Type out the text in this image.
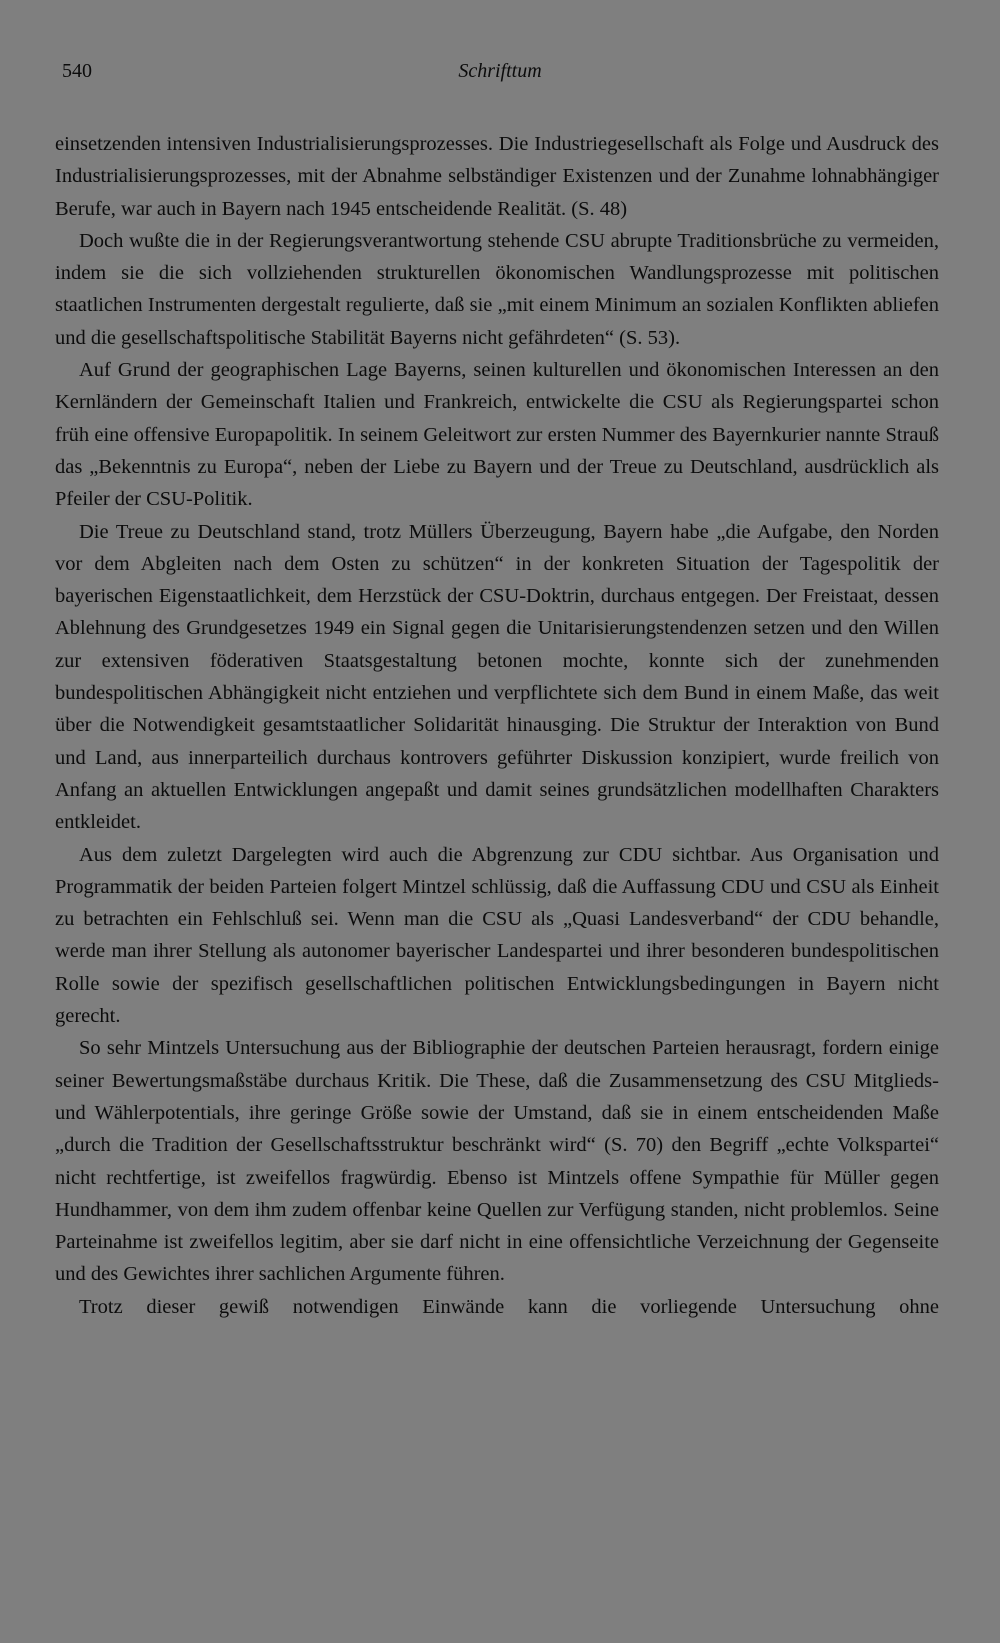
540	Schrifttum

einsetzenden intensiven Industrialisierungsprozesses. Die Industriegesellschaft als Folge und Ausdruck des Industrialisierungsprozesses, mit der Abnahme selbständiger Existenzen und der Zunahme lohnabhängiger Berufe, war auch in Bayern nach 1945 entscheidende Realität. (S. 48)

Doch wußte die in der Regierungsverantwortung stehende CSU abrupte Traditionsbrüche zu vermeiden, indem sie die sich vollziehenden strukturellen ökonomischen Wandlungsprozesse mit politischen staatlichen Instrumenten dergestalt regulierte, daß sie „mit einem Minimum an sozialen Konflikten abliefen und die gesellschaftspolitische Stabilität Bayerns nicht gefährdeten“ (S. 53).

Auf Grund der geographischen Lage Bayerns, seinen kulturellen und ökonomischen Interessen an den Kernländern der Gemeinschaft Italien und Frankreich, entwickelte die CSU als Regierungspartei schon früh eine offensive Europapolitik. In seinem Geleitwort zur ersten Nummer des Bayernkurier nannte Strauß das „Bekenntnis zu Europa“, neben der Liebe zu Bayern und der Treue zu Deutschland, ausdrücklich als Pfeiler der CSU-Politik.

Die Treue zu Deutschland stand, trotz Müllers Überzeugung, Bayern habe „die Aufgabe, den Norden vor dem Abgleiten nach dem Osten zu schützen“ in der konkreten Situation der Tagespolitik der bayerischen Eigenstaatlichkeit, dem Herzstück der CSU-Doktrin, durchaus entgegen. Der Freistaat, dessen Ablehnung des Grundgesetzes 1949 ein Signal gegen die Unitarisierungstendenzen setzen und den Willen zur extensiven föderativen Staatsgestaltung betonen mochte, konnte sich der zunehmenden bundespolitischen Abhängigkeit nicht entziehen und verpflichtete sich dem Bund in einem Maße, das weit über die Notwendigkeit gesamtstaatlicher Solidarität hinausging. Die Struktur der Interaktion von Bund und Land, aus innerparteilich durchaus kontrovers geführter Diskussion konzipiert, wurde freilich von Anfang an aktuellen Entwicklungen angepaßt und damit seines grundsätzlichen modellhaften Charakters entkleidet.

Aus dem zuletzt Dargelegten wird auch die Abgrenzung zur CDU sichtbar. Aus Organisation und Programmatik der beiden Parteien folgert Mintzel schlüssig, daß die Auffassung CDU und CSU als Einheit zu betrachten ein Fehlschluß sei. Wenn man die CSU als „Quasi Landesverband“ der CDU behandle, werde man ihrer Stellung als autonomer bayerischer Landespartei und ihrer besonderen bundespolitischen Rolle sowie der spezifisch gesellschaftlichen politischen Entwicklungsbedingungen in Bayern nicht gerecht.

So sehr Mintzels Untersuchung aus der Bibliographie der deutschen Parteien herausragt, fordern einige seiner Bewertungsmaßstäbe durchaus Kritik. Die These, daß die Zusammensetzung des CSU Mitglieds- und Wählerpotentials, ihre geringe Größe sowie der Umstand, daß sie in einem entscheidenden Maße „durch die Tradition der Gesellschaftsstruktur beschränkt wird“ (S. 70) den Begriff „echte Volkspartei“ nicht rechtfertige, ist zweifellos fragwürdig. Ebenso ist Mintzels offene Sympathie für Müller gegen Hundhammer, von dem ihm zudem offenbar keine Quellen zur Verfügung standen, nicht problemlos. Seine Parteinahme ist zweifellos legitim, aber sie darf nicht in eine offensichtliche Verzeichnung der Gegenseite und des Gewichtes ihrer sachlichen Argumente führen.

Trotz dieser gewiß notwendigen Einwände kann die vorliegende Untersuchung ohne
